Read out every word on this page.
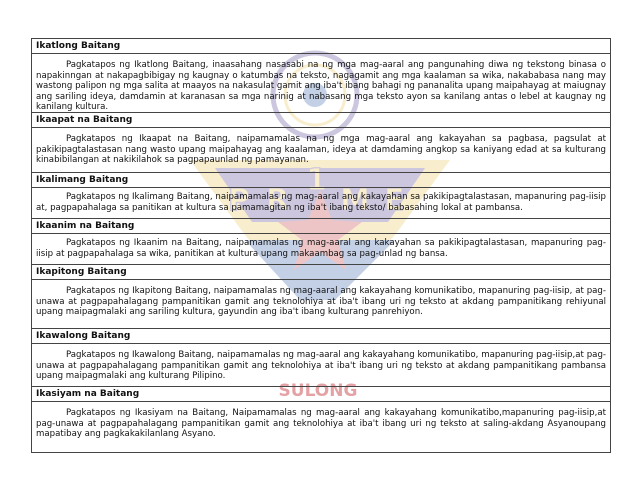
P R
1
M E
SULONG
Ikatlong Baitang
Pagkatapos ng Ikatlong Baitang, inaasahang nasasabi na ng mga mag-aaral ang pangunahing diwa ng tekstong binasa o napakinngan at nakapagbibigay ng kaugnay o katumbas na teksto, nagagamit ang mga kaalaman sa wika, nakababasa nang may wastong palipon ng mga salita at maayos na nakasulat gamit ang iba't ibang bahagi ng pananalita upang maipahayag at maiugnay ang sariling ideya, damdamin at karanasan sa mga narinig at nabasang mga teksto ayon sa kanilang antas o lebel at kaugnay ng kanilang kultura.
Ikaapat na Baitang
Pagkatapos ng Ikaapat na Baitang, naipamamalas na ng mga mag-aaral ang kakayahan sa pagbasa, pagsulat at pakikipagtalastasan nang wasto upang maipahayag ang kaalaman, ideya at damdaming angkop sa kaniyang edad at sa kulturang kinabibilangan at nakikilahok sa pagpapaunlad ng pamayanan.
Ikalimang Baitang
Pagkatapos ng Ikalimang Baitang, naipamamalas ng mag-aaral ang kakayahan sa pakikipagtalastasan, mapanuring pag-iisip at, pagpapahalaga sa panitikan at kultura sa pamamagitan ng iba't ibang teksto/ babasahing lokal at pambansa.
Ikaanim na Baitang
Pagkatapos ng Ikaanim na Baitang, naipamamalas ng mag-aaral ang kakayahan sa pakikipagtalastasan, mapanuring pag-iisip at pagpapahalaga sa wika, panitikan at kultura upang makaambag sa pag-unlad ng bansa.
Ikapitong Baitang
Pagkatapos ng Ikapitong Baitang, naipamamalas ng mag-aaral ang kakayahang komunikatibo, mapanuring pag-iisip, at pag-unawa at pagpapahalagang pampanitikan gamit ang teknolohiya at iba't ibang uri ng teksto at akdang pampanitikang rehiyunal upang maipagmalaki ang sariling kultura, gayundin ang iba't ibang kulturang panrehiyon.
Ikawalong Baitang
Pagkatapos ng Ikawalong Baitang, naipamamalas ng mag-aaral ang kakayahang komunikatibo, mapanuring pag-iisip,at pag-unawa at pagpapahalagang pampanitikan gamit ang teknolohiya at iba't ibang uri ng teksto at akdang pampanitikang pambansa upang maipagmalaki ang kulturang Pilipino.
Ikasiyam na Baitang
Pagkatapos ng Ikasiyam na Baitang, Naipamamalas ng mag-aaral ang kakayahang komunikatibo,mapanuring pag-iisip,at pag-unawa at pagpapahalagang pampanitikan gamit ang teknolohiya at iba't ibang uri ng teksto at saling-akdang Asyanoupang mapatibay ang pagkakakilanlang Asyano.
